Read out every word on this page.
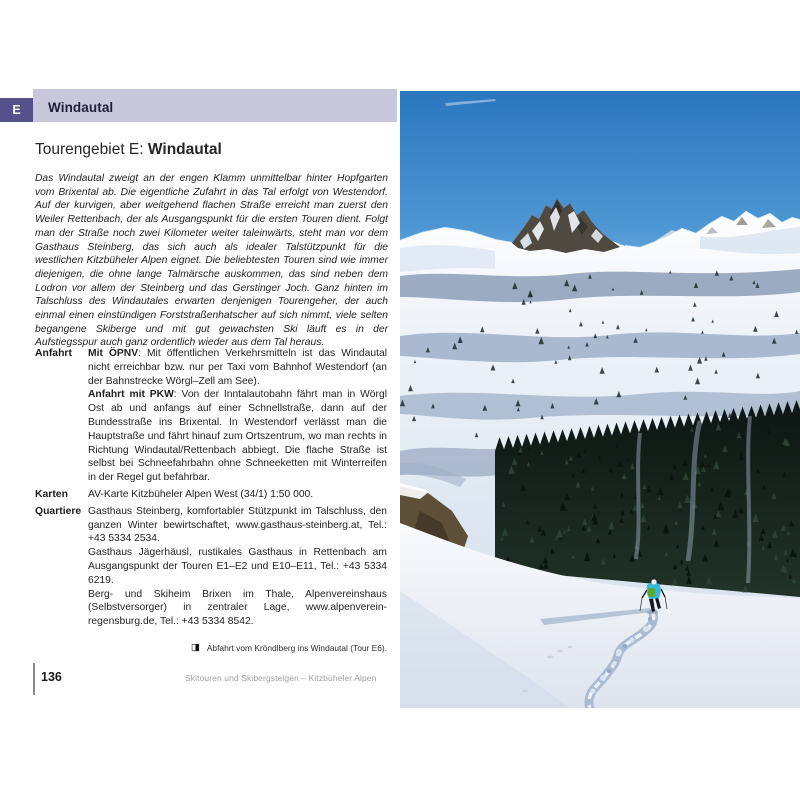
Windautal
E
Tourengebiet E: Windautal
Das Windautal zweigt an der engen Klamm unmittelbar hinter Hopfgarten vom Brixental ab. Die eigentliche Zufahrt in das Tal erfolgt von Westendorf. Auf der kurvigen, aber weitgehend flachen Straße erreicht man zuerst den Weiler Rettenbach, der als Ausgangspunkt für die ersten Touren dient. Folgt man der Straße noch zwei Kilometer weiter taleinwärts, steht man vor dem Gasthaus Steinberg, das sich auch als idealer Talstützpunkt für die westlichen Kitzbüheler Alpen eignet. Die beliebtesten Touren sind wie immer diejenigen, die ohne lange Talmärsche auskommen, das sind neben dem Lodron vor allem der Steinberg und das Gerstinger Joch. Ganz hinten im Talschluss des Windautales erwarten denjenigen Tourengeher, der auch einmal einen einstündigen Forststraßenhatscher auf sich nimmt, viele selten begangene Skiberge und mit gut gewachsten Ski läuft es in der Aufstiegsspur auch ganz ordentlich wieder aus dem Tal heraus.
Anfahrt	Mit ÖPNV: Mit öffentlichen Verkehrsmitteln ist das Windautal nicht erreichbar bzw. nur per Taxi vom Bahnhof Westendorf (an der Bahnstrecke Wörgl–Zell am See).

Anfahrt mit PKW: Von der Inntalautobahn fährt man in Wörgl Ost ab und anfangs auf einer Schnellstraße, dann auf der Bundesstraße ins Brixental. In Westendorf verlässt man die Hauptstraße und fährt hinauf zum Ortszentrum, wo man rechts in Richtung Windautal/Rettenbach abbiegt. Die flache Straße ist selbst bei Schneefahrbahn ohne Schneeketten mit Winterreifen in der Regel gut befahrbar.

Karten	AV-Karte Kitzbüheler Alpen West (34/1) 1:50 000.

Quartiere Gasthaus Steinberg, komfortabler Stützpunkt im Talschluss, den ganzen Winter bewirtschaftet, www.gasthaus-steinberg.at, Tel.: +43 5334 2534.

Gasthaus Jägerhäusl, rustikales Gasthaus in Rettenbach am Ausgangspunkt der Touren E1–E2 und E10–E11, Tel.: +43 5334 6219.

Berg- und Skiheim Brixen im Thale, Alpenvereinshaus (Selbstversorger) in zentraler Lage, www.alpenverein-regensburg.de, Tel.: +43 5334 8542.

◨ Abfahrt vom Kröndlberg ins Windautal (Tour E6).
136	Skitouren und Skibergsteigen – Kitzbüheler Alpen
